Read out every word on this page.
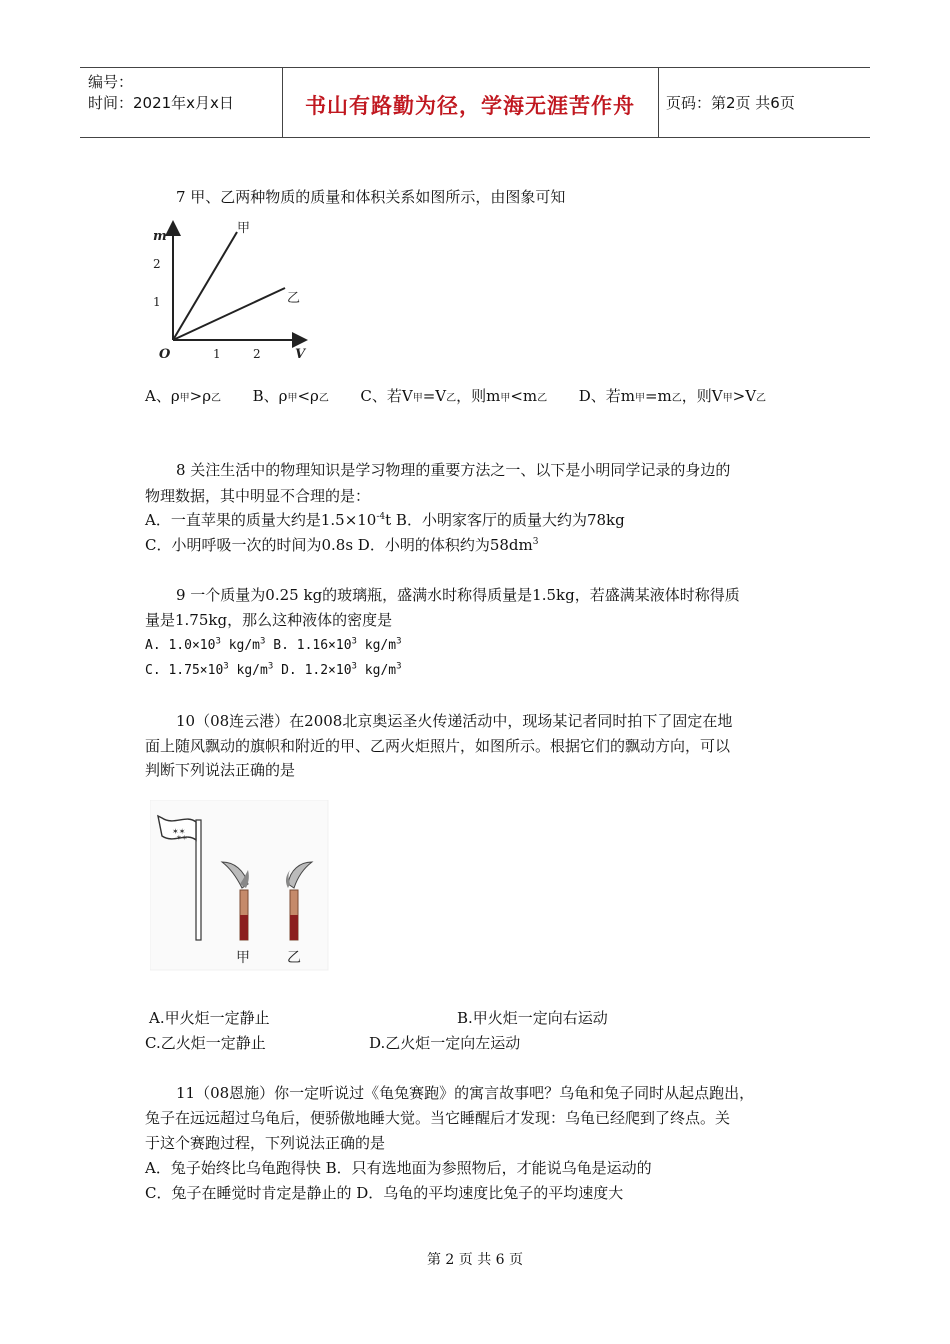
编号：
时间：2021年x月x日	书山有路勤为径，学海无涯苦作舟	页码：第2页 共6页
7 甲、乙两种物质的质量和体积关系如图所示，由图象可知
m
2
1
O	1	2	V
甲
乙
A、ρ甲>ρ乙 B、ρ甲<ρ乙 C、若V甲=V乙，则m甲<m乙 D、若m甲=m乙，则V甲>V乙
8 关注生活中的物理知识是学习物理的重要方法之一、以下是小明同学记录的身边的
物理数据，其中明显不合理的是：
A．一直苹果的质量大约是$1.5\times 10^{-4}t$ B．小明家客厅的质量大约为78kg
C．小明呼吸一次的时间为0.8s D．小明的体积约为$58dm^3$
9 一个质量为0.25 kg的玻璃瓶，盛满水时称得质量是1.5kg，若盛满某液体时称得质
量是1.75kg，那么这种液体的密度是
A. $1.0\times 10^3$ $kg/m^3$ B. $1.16\times 10^3$ $kg/m^3$
C. $1.75\times 10^3$ $kg/m^3$ D. $1.2\times 10^3$ $kg/m^3$
10（08连云港）在2008北京奥运圣火传递活动中，现场某记者同时拍下了固定在地
面上随风飘动的旗帜和附近的甲、乙两火炬照片，如图所示。根据它们的飘动方向，可以
判断下列说法正确的是
✶✶
✶✶
甲	乙
A.甲火炬一定静止	B.甲火炬一定向右运动
C.乙火炬一定静止	D.乙火炬一定向左运动
11（08恩施）你一定听说过《龟兔赛跑》的寓言故事吧？乌龟和兔子同时从起点跑出，
兔子在远远超过乌龟后，便骄傲地睡大觉。当它睡醒后才发现：乌龟已经爬到了终点。关
于这个赛跑过程，下列说法正确的是
A．兔子始终比乌龟跑得快 B．只有选地面为参照物后，才能说乌龟是运动的
C．兔子在睡觉时肯定是静止的 D．乌龟的平均速度比兔子的平均速度大
第 2 页 共 6 页
